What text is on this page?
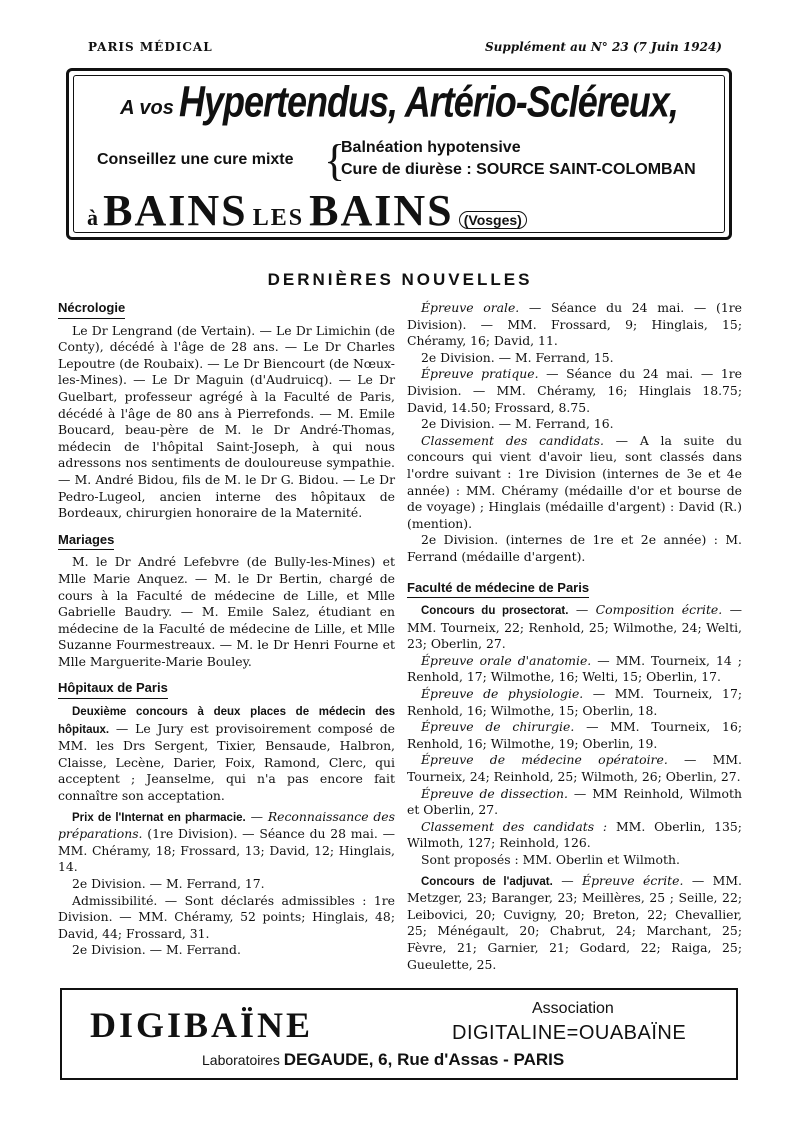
PARIS MÉDICAL	Supplément au N° 23 (7 Juin 1924)
A vos Hypertendus, Artério-Scléreux,
Conseillez une cure mixte {
Balnéation hypotensive
Cure de diurèse : SOURCE SAINT-COLOMBAN
à BAINS LES BAINS (Vosges)
DERNIÈRES NOUVELLES
Nécrologie

Le Dr Lengrand (de Vertain). — Le Dr Limichin (de Conty), décédé à l'âge de 28 ans. — Le Dr Charles Lepoutre (de Roubaix). — Le Dr Biencourt (de Nœux-les-Mines). — Le Dr Maguin (d'Audruicq). — Le Dr Guelbart, professeur agrégé à la Faculté de Paris, décédé à l'âge de 80 ans à Pierrefonds. — M. Emile Boucard, beau-père de M. le Dr André-Thomas, médecin de l'hôpital Saint-Joseph, à qui nous adressons nos sentiments de douloureuse sympathie. — M. André Bidou, fils de M. le Dr G. Bidou. — Le Dr Pedro-Lugeol, ancien interne des hôpitaux de Bordeaux, chirurgien honoraire de la Maternité.

Mariages

M. le Dr André Lefebvre (de Bully-les-Mines) et Mlle Marie Anquez. — M. le Dr Bertin, chargé de cours à la Faculté de médecine de Lille, et Mlle Gabrielle Baudry. — M. Emile Salez, étudiant en médecine de la Faculté de médecine de Lille, et Mlle Suzanne Fourmestreaux. — M. le Dr Henri Fourne et Mlle Marguerite-Marie Bouley.

Hôpitaux de Paris

Deuxième concours à deux places de médecin des hôpitaux. — Le Jury est provisoirement composé de MM. les Drs Sergent, Tixier, Bensaude, Halbron, Claisse, Lecène, Darier, Foix, Ramond, Clerc, qui acceptent ; Jeanselme, qui n'a pas encore fait connaître son acceptation.

Prix de l'Internat en pharmacie. — Reconnaissance des préparations. (1re Division). — Séance du 28 mai. — MM. Chéramy, 18; Frossard, 13; David, 12; Hinglais, 14.

2e Division. — M. Ferrand, 17.

Admissibilité. — Sont déclarés admissibles : 1re Division. — MM. Chéramy, 52 points; Hinglais, 48; David, 44; Frossard, 31.

2e Division. — M. Ferrand.

Épreuve orale. — Séance du 24 mai. — (1re Division). — MM. Frossard, 9; Hinglais, 15; Chéramy, 16; David, 11.

2e Division. — M. Ferrand, 15.

Épreuve pratique. — Séance du 24 mai. — 1re Division. — MM. Chéramy, 16; Hinglais 18.75; David, 14.50; Frossard, 8.75.

2e Division. — M. Ferrand, 16.

Classement des candidats. — A la suite du concours qui vient d'avoir lieu, sont classés dans l'ordre suivant : 1re Division (internes de 3e et 4e année) : MM. Chéramy (médaille d'or et bourse de de voyage) ; Hinglais (médaille d'argent) : David (R.) (mention).

2e Division. (internes de 1re et 2e année) : M. Ferrand (médaille d'argent).

Faculté de médecine de Paris

Concours du prosectorat. — Composition écrite. — MM. Tourneix, 22; Renhold, 25; Wilmothe, 24; Welti, 23; Oberlin, 27.

Épreuve orale d'anatomie. — MM. Tourneix, 14 ; Renhold, 17; Wilmothe, 16; Welti, 15; Oberlin, 17.

Épreuve de physiologie. — MM. Tourneix, 17; Renhold, 16; Wilmothe, 15; Oberlin, 18.

Épreuve de chirurgie. — MM. Tourneix, 16; Renhold, 16; Wilmothe, 19; Oberlin, 19.

Épreuve de médecine opératoire. — MM. Tourneix, 24; Reinhold, 25; Wilmoth, 26; Oberlin, 27.

Épreuve de dissection. — MM Reinhold, Wilmoth et Oberlin, 27.

Classement des candidats : MM. Oberlin, 135; Wilmoth, 127; Reinhold, 126.

Sont proposés : MM. Oberlin et Wilmoth.

Concours de l'adjuvat. — Épreuve écrite. — MM. Metzger, 23; Baranger, 23; Meillères, 25 ; Seille, 22; Leibovici, 20; Cuvigny, 20; Breton, 22; Chevallier, 25; Ménégault, 20; Chabrut, 24; Marchant, 25; Fèvre, 21; Garnier, 21; Godard, 22; Raiga, 25; Gueulette, 25.

DIGIBAÏNE	Association
DIGITALINE=OUABAÏNE
Laboratoires DEGAUDE, 6, Rue d'Assas - PARIS
